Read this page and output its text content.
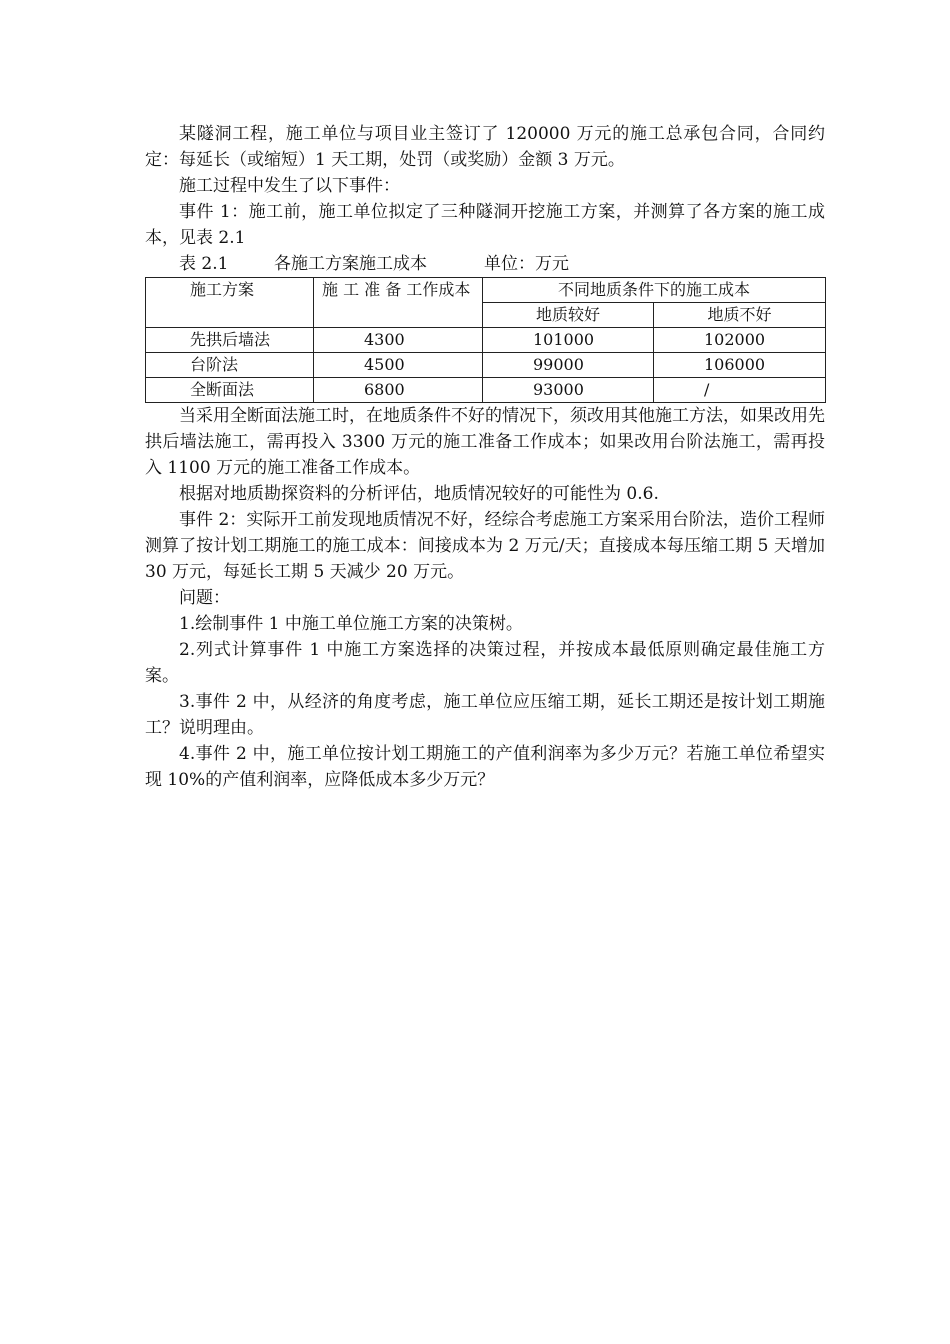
某隧洞工程，施工单位与项目业主签订了 120000 万元的施工总承包合同，合同约定：每延长（或缩短）1 天工期，处罚（或奖励）金额 3 万元。

施工过程中发生了以下事件：

事件 1：施工前，施工单位拟定了三种隧洞开挖施工方案，并测算了各方案的施工成本，见表 2.1

表 2.1	各施工方案施工成本	单位：万元

施工方案	施 工 准 备 工作成本	不同地质条件下的施工成本	
		地质较好	地质不好
先拱后墙法	4300	101000	102000
台阶法	4500	99000	106000
全断面法	6800	93000	/

当采用全断面法施工时，在地质条件不好的情况下，须改用其他施工方法，如果改用先拱后墙法施工，需再投入 3300 万元的施工准备工作成本；如果改用台阶法施工，需再投入 1100 万元的施工准备工作成本。

根据对地质勘探资料的分析评估，地质情况较好的可能性为 0.6.

事件 2：实际开工前发现地质情况不好，经综合考虑施工方案采用台阶法，造价工程师测算了按计划工期施工的施工成本：间接成本为 2 万元/天；直接成本每压缩工期 5 天增加 30 万元，每延长工期 5 天减少 20 万元。

问题：

1.绘制事件 1 中施工单位施工方案的决策树。

2.列式计算事件 1 中施工方案选择的决策过程，并按成本最低原则确定最佳施工方案。

3.事件 2 中，从经济的角度考虑，施工单位应压缩工期，延长工期还是按计划工期施工？说明理由。

4.事件 2 中，施工单位按计划工期施工的产值利润率为多少万元？若施工单位希望实现 10%的产值利润率，应降低成本多少万元？
